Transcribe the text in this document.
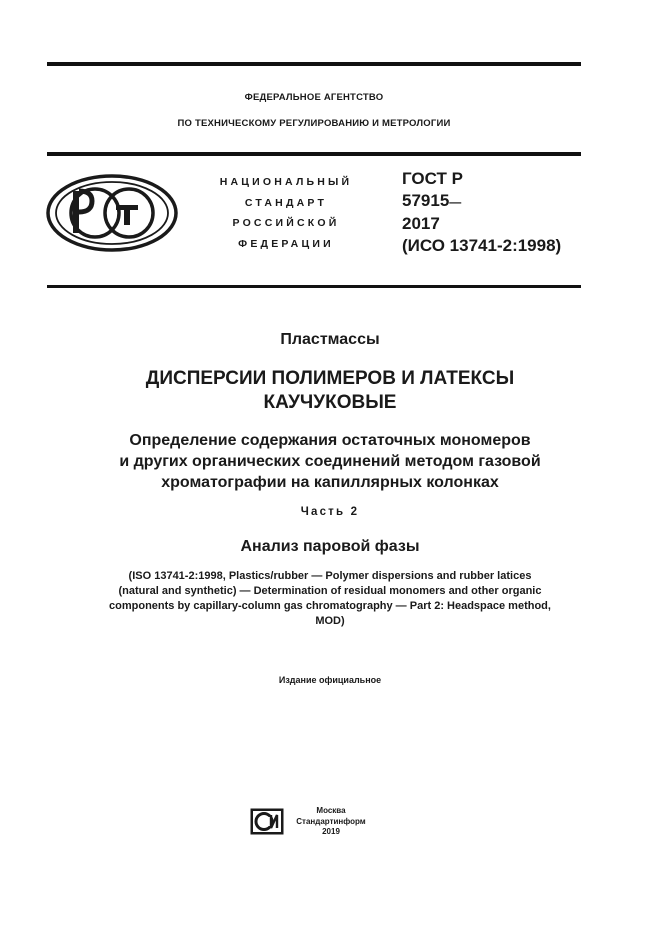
ФЕДЕРАЛЬНОЕ АГЕНТСТВО
ПО ТЕХНИЧЕСКОМУ РЕГУЛИРОВАНИЮ И МЕТРОЛОГИИ
НАЦИОНАЛЬНЫЙ
СТАНДАРТ
РОССИЙСКОЙ
ФЕДЕРАЦИИ
ГОСТ Р
57915—
2017
(ИСО 13741-2:1998)
Пластмассы
ДИСПЕРСИИ ПОЛИМЕРОВ И ЛАТЕКСЫ
КАУЧУКОВЫЕ
Определение содержания остаточных мономеров
и других органических соединений методом газовой
хроматографии на капиллярных колонках
Часть 2
Анализ паровой фазы
(ISO 13741-2:1998, Plastics/rubber — Polymer dispersions and rubber latices
(natural and synthetic) — Determination of residual monomers and other organic
components by capillary-column gas chromatography — Part 2: Headspace method,
MOD)
Издание официальное
Москва
Стандартинформ
2019
